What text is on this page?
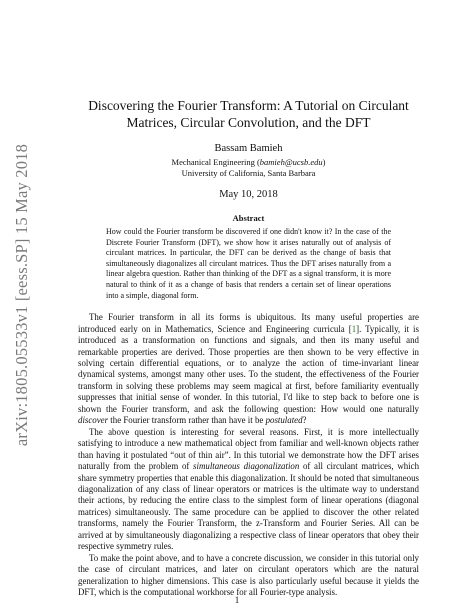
arXiv:1805.05533v1 [eess.SP] 15 May 2018
Discovering the Fourier Transform: A Tutorial on Circulant
Matrices, Circular Convolution, and the DFT
Bassam Bamieh
Mechanical Engineering (bamieh@ucsb.edu)
University of California, Santa Barbara
May 10, 2018
Abstract
How could the Fourier transform be discovered if one didn't know it? In the case of the Discrete Fourier Transform (DFT), we show how it arises naturally out of analysis of circulant matrices. In particular, the DFT can be derived as the change of basis that simultaneously diagonalizes all circulant matrices. Thus the DFT arises naturally from a linear algebra question. Rather than thinking of the DFT as a signal transform, it is more natural to think of it as a change of basis that renders a certain set of linear operations into a simple, diagonal form.

The Fourier transform in all its forms is ubiquitous. Its many useful properties are introduced early on in Mathematics, Science and Engineering curricula [1]. Typically, it is introduced as a transformation on functions and signals, and then its many useful and remarkable properties are derived. Those properties are then shown to be very effective in solving certain differential equations, or to analyze the action of time-invariant linear dynamical systems, amongst many other uses. To the student, the effectiveness of the Fourier transform in solving these problems may seem magical at first, before familiarity eventually suppresses that initial sense of wonder. In this tutorial, I'd like to step back to before one is shown the Fourier transform, and ask the following question: How would one naturally discover the Fourier transform rather than have it be postulated?

The above question is interesting for several reasons. First, it is more intellectually satisfying to introduce a new mathematical object from familiar and well-known objects rather than having it postulated “out of thin air”. In this tutorial we demonstrate how the DFT arises naturally from the problem of simultaneous diagonalization of all circulant matrices, which share symmetry properties that enable this diagonalization. It should be noted that simultaneous diagonalization of any class of linear operators or matrices is the ultimate way to understand their actions, by reducing the entire class to the simplest form of linear operations (diagonal matrices) simultaneously. The same procedure can be applied to discover the other related transforms, namely the Fourier Transform, the z-Transform and Fourier Series. All can be arrived at by simultaneously diagonalizing a respective class of linear operators that obey their respective symmetry rules.

To make the point above, and to have a concrete discussion, we consider in this tutorial only the case of circulant matrices, and later on circulant operators which are the natural generalization to higher dimensions. This case is also particularly useful because it yields the DFT, which is the computational workhorse for all Fourier-type analysis.

1
